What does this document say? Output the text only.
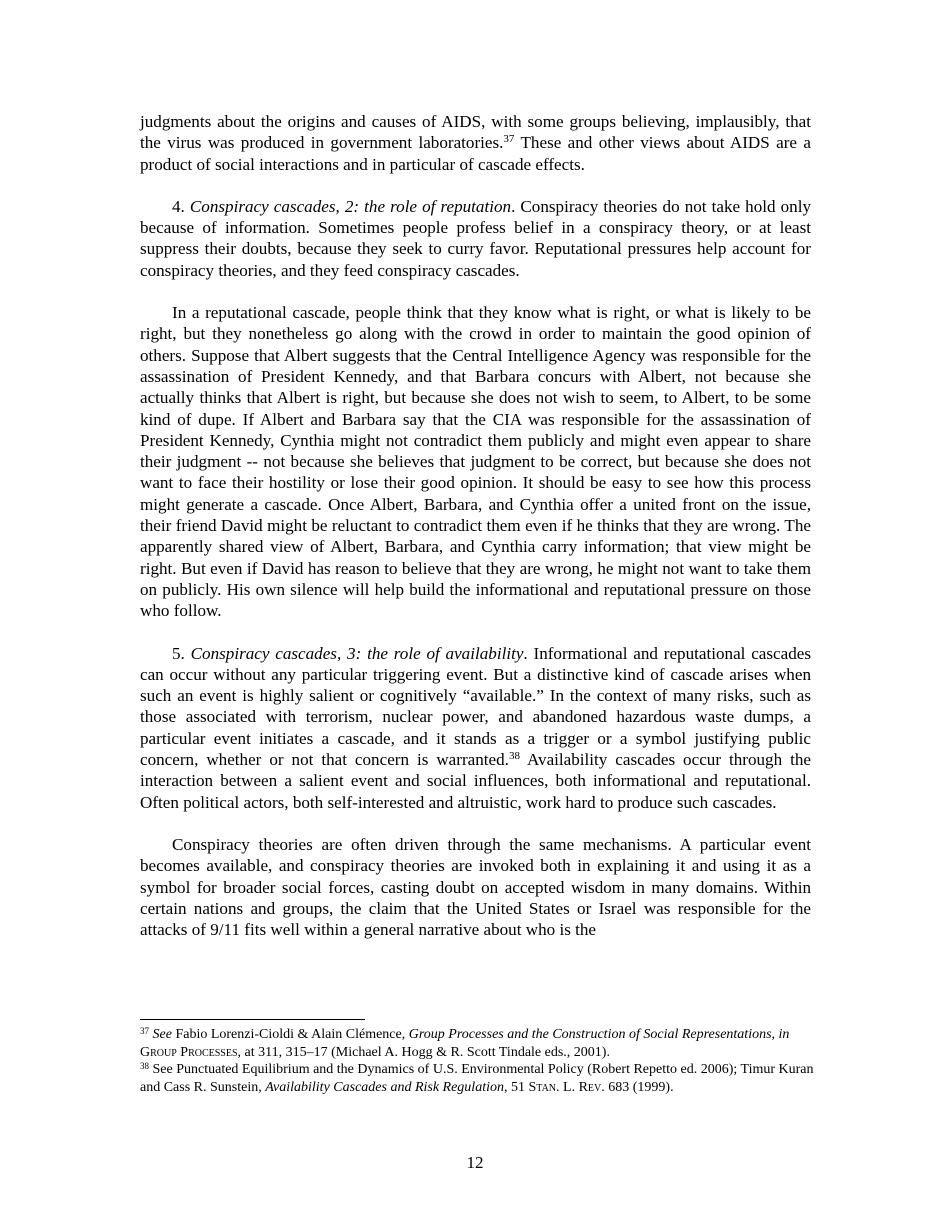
judgments about the origins and causes of AIDS, with some groups believing, implausibly, that the virus was produced in government laboratories.$^{37}$ These and other views about AIDS are a product of social interactions and in particular of cascade effects.

4. Conspiracy cascades, 2: the role of reputation. Conspiracy theories do not take hold only because of information. Sometimes people profess belief in a conspiracy theory, or at least suppress their doubts, because they seek to curry favor. Reputational pressures help account for conspiracy theories, and they feed conspiracy cascades.

In a reputational cascade, people think that they know what is right, or what is likely to be right, but they nonetheless go along with the crowd in order to maintain the good opinion of others. Suppose that Albert suggests that the Central Intelligence Agency was responsible for the assassination of President Kennedy, and that Barbara concurs with Albert, not because she actually thinks that Albert is right, but because she does not wish to seem, to Albert, to be some kind of dupe. If Albert and Barbara say that the CIA was responsible for the assassination of President Kennedy, Cynthia might not contradict them publicly and might even appear to share their judgment -- not because she believes that judgment to be correct, but because she does not want to face their hostility or lose their good opinion. It should be easy to see how this process might generate a cascade. Once Albert, Barbara, and Cynthia offer a united front on the issue, their friend David might be reluctant to contradict them even if he thinks that they are wrong. The apparently shared view of Albert, Barbara, and Cynthia carry information; that view might be right. But even if David has reason to believe that they are wrong, he might not want to take them on publicly. His own silence will help build the informational and reputational pressure on those who follow.

5. Conspiracy cascades, 3: the role of availability. Informational and reputational cascades can occur without any particular triggering event. But a distinctive kind of cascade arises when such an event is highly salient or cognitively “available.” In the context of many risks, such as those associated with terrorism, nuclear power, and abandoned hazardous waste dumps, a particular event initiates a cascade, and it stands as a trigger or a symbol justifying public concern, whether or not that concern is warranted.$^{38}$ Availability cascades occur through the interaction between a salient event and social influences, both informational and reputational. Often political actors, both self-interested and altruistic, work hard to produce such cascades.

Conspiracy theories are often driven through the same mechanisms. A particular event becomes available, and conspiracy theories are invoked both in explaining it and using it as a symbol for broader social forces, casting doubt on accepted wisdom in many domains. Within certain nations and groups, the claim that the United States or Israel was responsible for the attacks of 9/11 fits well within a general narrative about who is the

$^{37}$ See Fabio Lorenzi-Cioldi & Alain Clémence, Group Processes and the Construction of Social Representations, in Group Processes, at 311, 315–17 (Michael A. Hogg & R. Scott Tindale eds., 2001).

$^{38}$ See Punctuated Equilibrium and the Dynamics of U.S. Environmental Policy (Robert Repetto ed. 2006); Timur Kuran and Cass R. Sunstein, Availability Cascades and Risk Regulation, 51 Stan. L. Rev. 683 (1999).

12
